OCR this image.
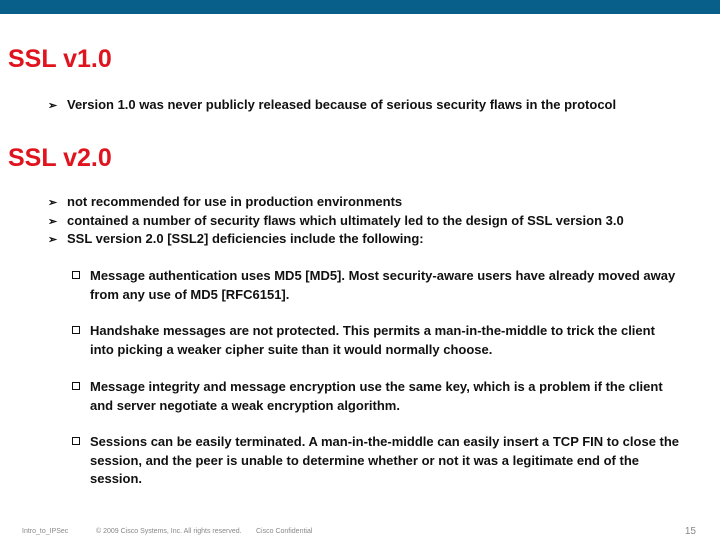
SSL v1.0
➢ Version 1.0 was never publicly released because of serious security flaws in the protocol
SSL v2.0
➢ not recommended for use in production environments
➢ contained a number of security flaws which ultimately led to the design of SSL version 3.0
➢ SSL version 2.0 [SSL2] deficiencies include the following:
Message authentication uses MD5 [MD5]. Most security-aware users have already moved away from any use of MD5 [RFC6151].
Handshake messages are not protected. This permits a man-in-the-middle to trick the client into picking a weaker cipher suite than it would normally choose.
Message integrity and message encryption use the same key, which is a problem if the client and server negotiate a weak encryption algorithm.
Sessions can be easily terminated. A man-in-the-middle can easily insert a TCP FIN to close the session, and the peer is unable to determine whether or not it was a legitimate end of the session.
Intro_to_IPSec	© 2009 Cisco Systems, Inc. All rights reserved. Cisco Confidential	15
